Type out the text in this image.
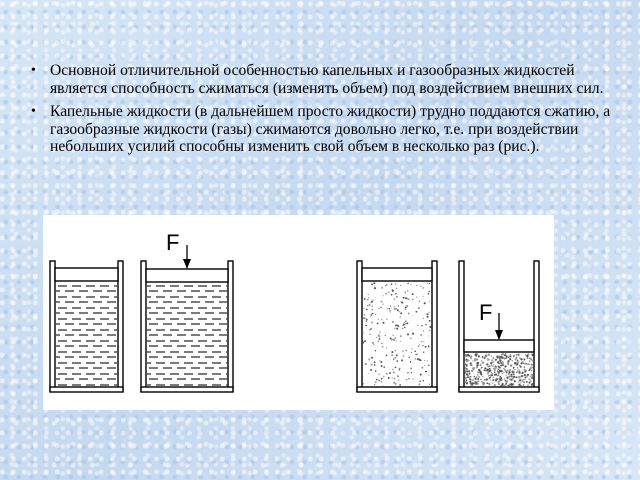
• Основной отличительной особенностью капельных и газообразных жидкостей является способность сжиматься (изменять объем) под воздействием внешних сил.
• Капельные жидкости (в дальнейшем просто жидкости) трудно поддаются сжатию, а газообразные жидкости (газы) сжимаются довольно легко, т.е. при воздействии небольших усилий способны изменить свой объем в несколько раз (рис.).
F
F
